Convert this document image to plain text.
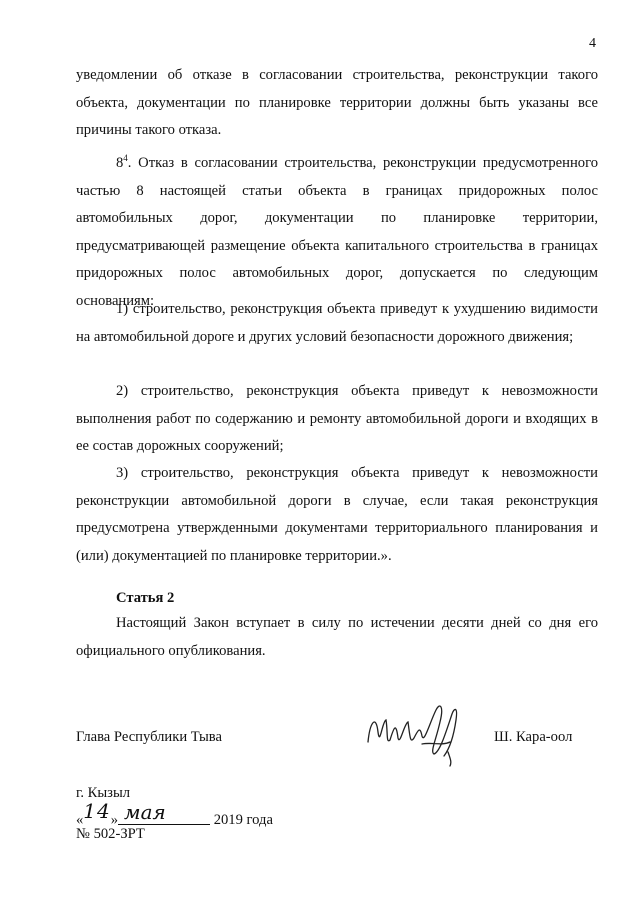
4

уведомлении об отказе в согласовании строительства, реконструкции такого объекта, документации по планировке территории должны быть указаны все причины такого отказа.

$8^4$. Отказ в согласовании строительства, реконструкции предусмотренного частью 8 настоящей статьи объекта в границах придорожных полос автомобильных дорог, документации по планировке территории, предусматривающей размещение объекта капитального строительства в границах придорожных полос автомобильных дорог, допускается по следующим основаниям:

1) строительство, реконструкция объекта приведут к ухудшению видимости на автомобильной дороге и других условий безопасности дорожного движения;

2) строительство, реконструкция объекта приведут к невозможности выполнения работ по содержанию и ремонту автомобильной дороги и входящих в ее состав дорожных сооружений;

3) строительство, реконструкция объекта приведут к невозможности реконструкции автомобильной дороги в случае, если такая реконструкция предусмотрена утвержденными документами территориального планирования и (или) документацией по планировке территории.».

Статья 2

Настоящий Закон вступает в силу по истечении десяти дней со дня его официального опубликования.

Глава Республики Тыва	Ш. Кара-оол
г. Кызыл
«14» мая	2019 года
№ 502-ЗРТ
